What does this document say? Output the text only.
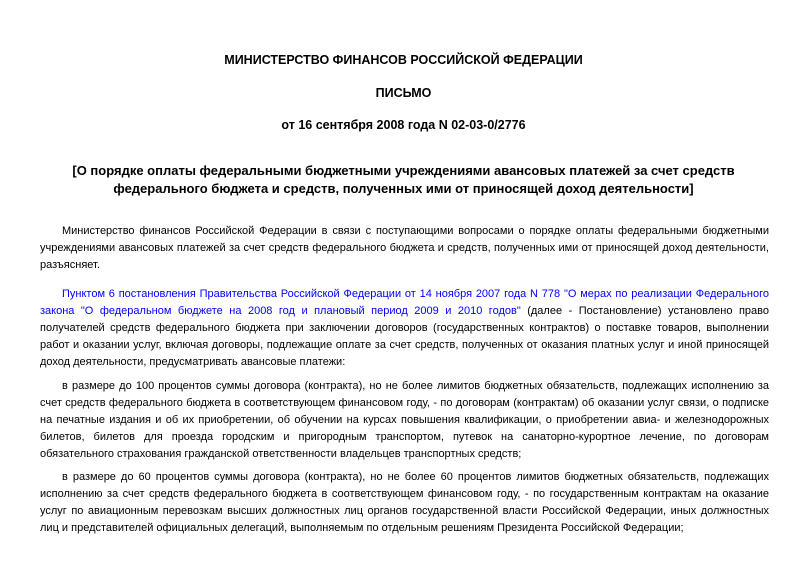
МИНИСТЕРСТВО ФИНАНСОВ РОССИЙСКОЙ ФЕДЕРАЦИИ
ПИСЬМО
от 16 сентября 2008 года N 02-03-0/2776
[О порядке оплаты федеральными бюджетными учреждениями авансовых платежей за счет средств
федерального бюджета и средств, полученных ими от приносящей доход деятельности]

Министерство финансов Российской Федерации в связи с поступающими вопросами о порядке оплаты федеральными бюджетными учреждениями авансовых платежей за счет средств федерального бюджета и средств, полученных ими от приносящей доход деятельности, разъясняет.

Пунктом 6 постановления Правительства Российской Федерации от 14 ноября 2007 года N 778 "О мерах по реализации Федерального закона "О федеральном бюджете на 2008 год и плановый период 2009 и 2010 годов" (далее - Постановление) установлено право получателей средств федерального бюджета при заключении договоров (государственных контрактов) о поставке товаров, выполнении работ и оказании услуг, включая договоры, подлежащие оплате за счет средств, полученных от оказания платных услуг и иной приносящей доход деятельности, предусматривать авансовые платежи:

в размере до 100 процентов суммы договора (контракта), но не более лимитов бюджетных обязательств, подлежащих исполнению за счет средств федерального бюджета в соответствующем финансовом году, - по договорам (контрактам) об оказании услуг связи, о подписке на печатные издания и об их приобретении, об обучении на курсах повышения квалификации, о приобретении авиа- и железнодорожных билетов, билетов для проезда городским и пригородным транспортом, путевок на санаторно-курортное лечение, по договорам обязательного страхования гражданской ответственности владельцев транспортных средств;

в размере до 60 процентов суммы договора (контракта), но не более 60 процентов лимитов бюджетных обязательств, подлежащих исполнению за счет средств федерального бюджета в соответствующем финансовом году, - по государственным контрактам на оказание услуг по авиационным перевозкам высших должностных лиц органов государственной власти Российской Федерации, иных должностных лиц и представителей официальных делегаций, выполняемым по отдельным решениям Президента Российской Федерации;
